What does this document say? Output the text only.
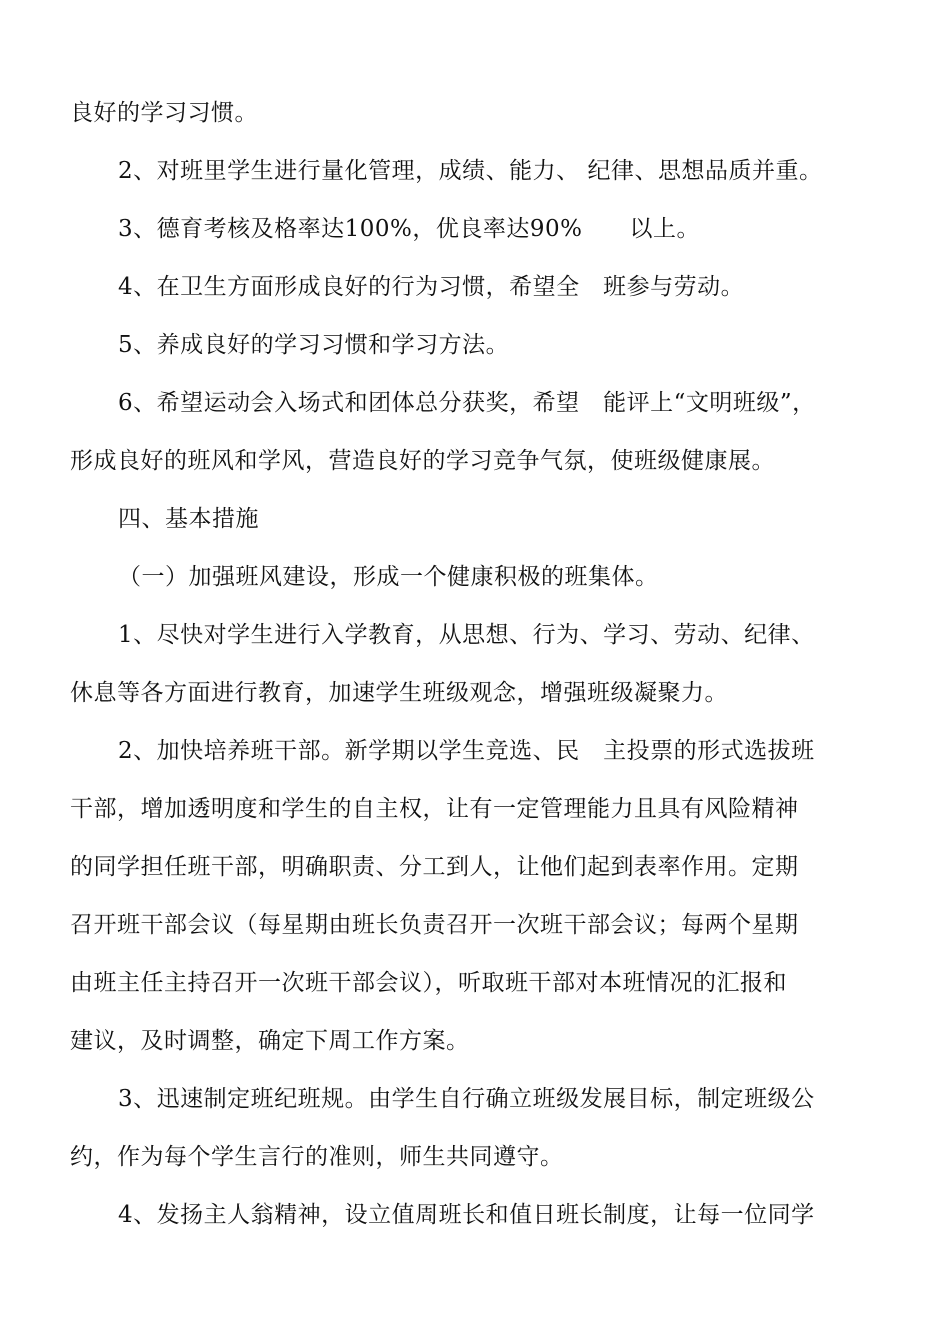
良好的学习习惯。
2、对班里学生进行量化管理，成绩、能力、 纪律、思想品质并重。
3、德育考核及格率达100%，优良率达90%　　以上。
4、在卫生方面形成良好的行为习惯，希望全　班参与劳动。
5、养成良好的学习习惯和学习方法。
6、希望运动会入场式和团体总分获奖，希望　能评上“文明班级”，
形成良好的班风和学风，营造良好的学习竞争气氛，使班级健康展。
四、基本措施
（一）加强班风建设，形成一个健康积极的班集体。
1、尽快对学生进行入学教育，从思想、行为、学习、劳动、纪律、
休息等各方面进行教育，加速学生班级观念，增强班级凝聚力。
2、加快培养班干部。新学期以学生竞选、民　主投票的形式选拔班
干部，增加透明度和学生的自主权，让有一定管理能力且具有风险精神
的同学担任班干部，明确职责、分工到人，让他们起到表率作用。定期
召开班干部会议（每星期由班长负责召开一次班干部会议；每两个星期
由班主任主持召开一次班干部会议），听取班干部对本班情况的汇报和
建议，及时调整，确定下周工作方案。
3、迅速制定班纪班规。由学生自行确立班级发展目标，制定班级公
约，作为每个学生言行的准则，师生共同遵守。
4、发扬主人翁精神，设立值周班长和值日班长制度，让每一位同学
